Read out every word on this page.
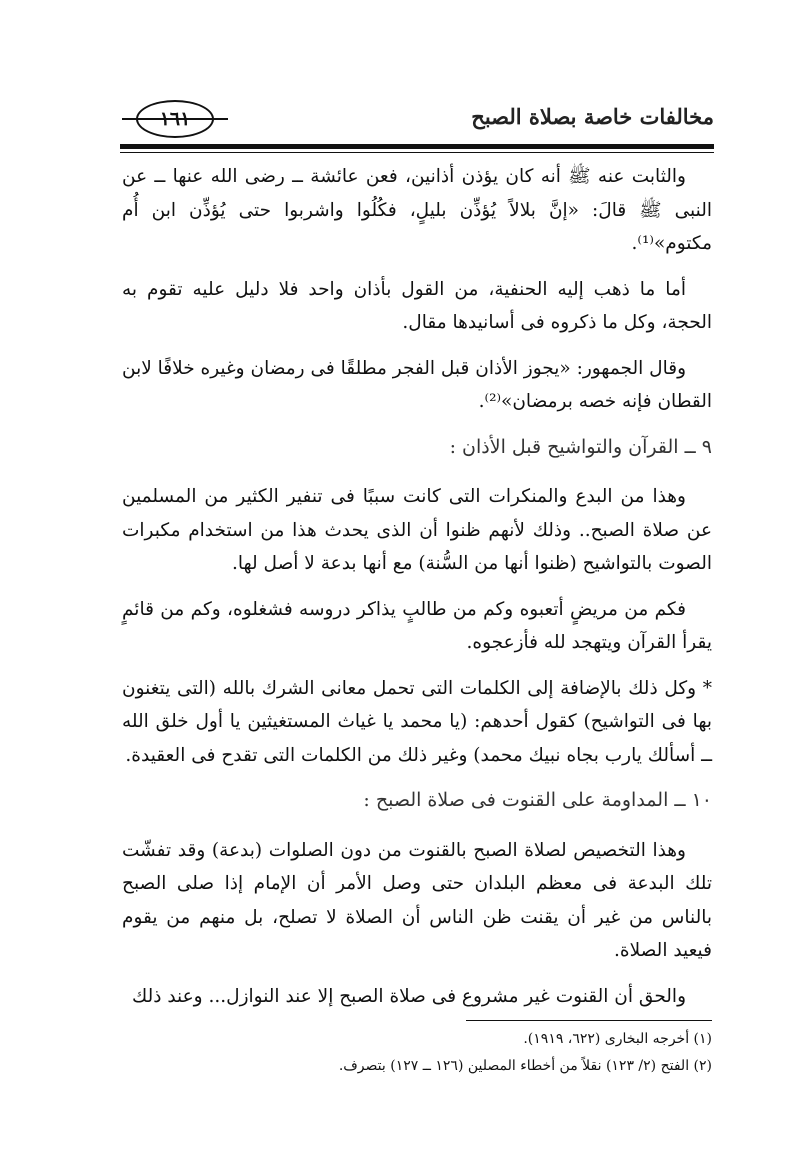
مخالفات خاصة بصلاة الصبح
١٦١

والثابت عنه ﷺ أنه كان يؤذن أذانين، فعن عائشة ــ رضى الله عنها ــ عن النبى ﷺ قالَ: «إنَّ بلالاً يُؤذِّن بليلٍ، فكُلُوا واشربوا حتى يُؤذِّن ابن أُم مكتوم»⁽¹⁾.

أما ما ذهب إليه الحنفية، من القول بأذان واحد فلا دليل عليه تقوم به الحجة، وكل ما ذكروه فى أسانيدها مقال.

وقال الجمهور: «يجوز الأذان قبل الفجر مطلقًا فى رمضان وغيره خلافًا لابن القطان فإنه خصه برمضان»⁽²⁾.

٩ ــ القرآن والتواشيح قبل الأذان :

وهذا من البدع والمنكرات التى كانت سببًا فى تنفير الكثير من المسلمين عن صلاة الصبح.. وذلك لأنهم ظنوا أن الذى يحدث هذا من استخدام مكبرات الصوت بالتواشيح (ظنوا أنها من السُّنة) مع أنها بدعة لا أصل لها.

فكم من مريضٍ أتعبوه وكم من طالبٍ يذاكر دروسه فشغلوه، وكم من قائمٍ يقرأ القرآن ويتهجد لله فأزعجوه.

* وكل ذلك بالإضافة إلى الكلمات التى تحمل معانى الشرك بالله (التى يتغنون بها فى التواشيح) كقول أحدهم: (يا محمد يا غياث المستغيثين يا أول خلق الله ــ أسألك يارب بجاه نبيك محمد) وغير ذلك من الكلمات التى تقدح فى العقيدة.

١٠ ــ المداومة على القنوت فى صلاة الصبح :

وهذا التخصيص لصلاة الصبح بالقنوت من دون الصلوات (بدعة) وقد تفشّت تلك البدعة فى معظم البلدان حتى وصل الأمر أن الإمام إذا صلى الصبح بالناس من غير أن يقنت ظن الناس أن الصلاة لا تصلح، بل منهم من يقوم فيعيد الصلاة.

والحق أن القنوت غير مشروع فى صلاة الصبح إلا عند النوازل... وعند ذلك

(١) أخرجه البخارى (٦٢٢، ١٩١٩).

(٢) الفتح (٢/ ١٢٣) نقلاً من أخطاء المصلين (١٢٦ ــ ١٢٧) بتصرف.
